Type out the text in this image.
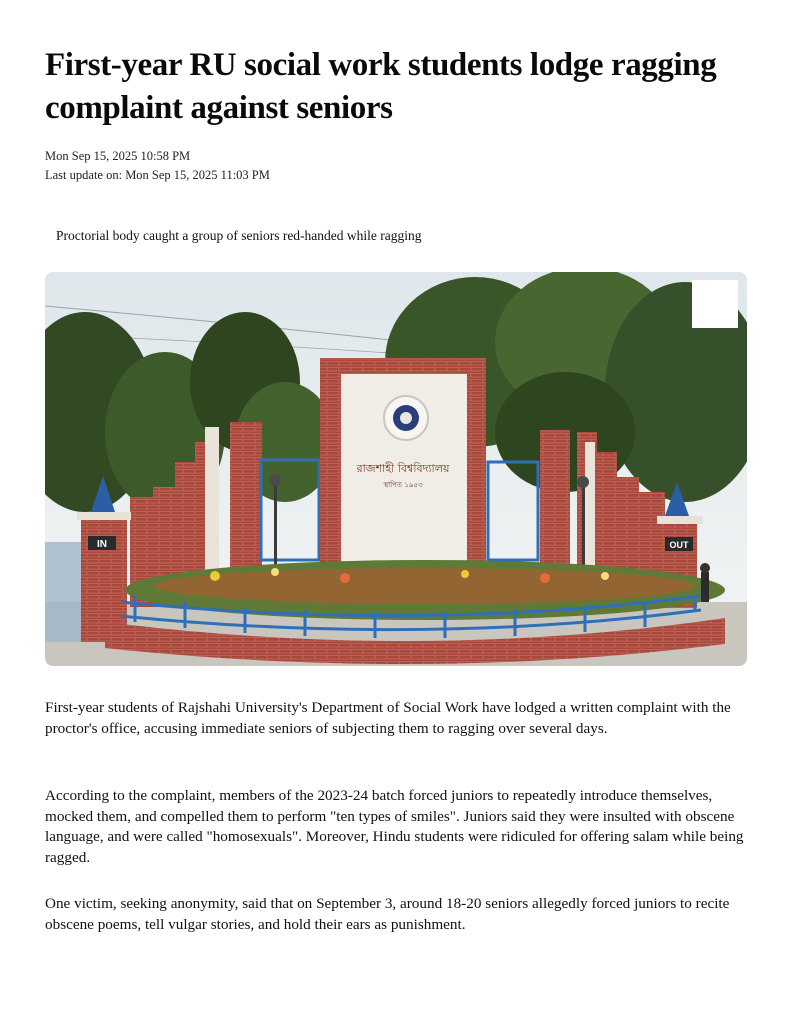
First-year RU social work students lodge ragging complaint against seniors
Mon Sep 15, 2025 10:58 PM
Last update on: Mon Sep 15, 2025 11:03 PM
Proctorial body caught a group of seniors red-handed while ragging
রাজশাহী বিশ্ববিদ্যালয়
স্থাপিত ১৯৫৩
IN	OUT

First-year students of Rajshahi University's Department of Social Work have lodged a written complaint with the proctor's office, accusing immediate seniors of subjecting them to ragging over several days.

According to the complaint, members of the 2023-24 batch forced juniors to repeatedly introduce themselves, mocked them, and compelled them to perform "ten types of smiles". Juniors said they were insulted with obscene language, and were called "homosexuals". Moreover, Hindu students were ridiculed for offering salam while being ragged.

One victim, seeking anonymity, said that on September 3, around 18-20 seniors allegedly forced juniors to recite obscene poems, tell vulgar stories, and hold their ears as punishment.
